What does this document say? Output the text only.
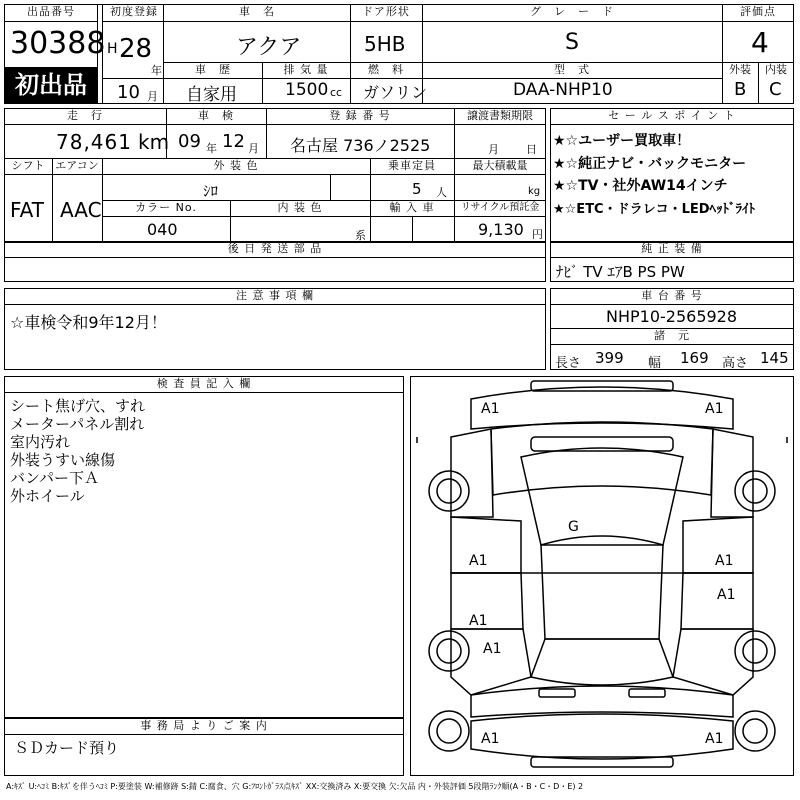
出品番号
30388
初出品
初度登録
H 28
年
10 月
車　名
アクア
ドア形状
5HB
グ　レ　ー　ド
S
評価点
4
車　歴
自家用
排 気 量
1500 cc
燃　料
ガソリン
型　式
DAA-NHP10
外装	内装
B C
走　行
78,461 km
車　検
09 年 12 月
登 録 番 号
名古屋 736ノ2525
譲渡書類期限
月 日
シフト エアコン
FAT AAC
外 装 色
ｼﾛ
乗車定員
5 人
最大積載量
kg
カラー No.
040
内 装 色
系
輸 入 車	リサイクル預託金
9,130 円
セ ー ル ス ポ イ ン ト
★☆ユーザー買取車！
★☆純正ナビ・バックモニター
★☆TV・社外AW14インチ
★☆ETC・ドラレコ・LEDﾍｯﾄﾞﾗｲﾄ
後 日 発 送 部 品	純 正 装 備
ﾅﾋﾞ TV ｴｱB PS PW
注 意 事 項 欄
☆車検令和9年12月！
車 台 番 号
NHP10-2565928
諸　元
長さ 399 幅 169 高さ 145
検 査 員 記 入 欄
シート焦げ穴、すれ
メーターパネル割れ
室内汚れ
外装うすい線傷
バンパー下Ａ
外ホイール
事 務 局 よ り ご 案 内
ＳＤカード預り
A1	A1
G
A1	A1
A1
A1
A1
A1	A1
A:ｷｽﾞ U:ﾍｺﾐ B:ｷｽﾞを伴うﾍｺﾐ P:要塗装 W:補修跡 S:錆 C:腐食、穴 G:ﾌﾛﾝﾄｶﾞﾗｽ点ｷｽﾞ XX:交換済み X:要交換 欠:欠品 内・外装評価 5段階ﾗﾝｸ順(A・B・C・D・E) 2
